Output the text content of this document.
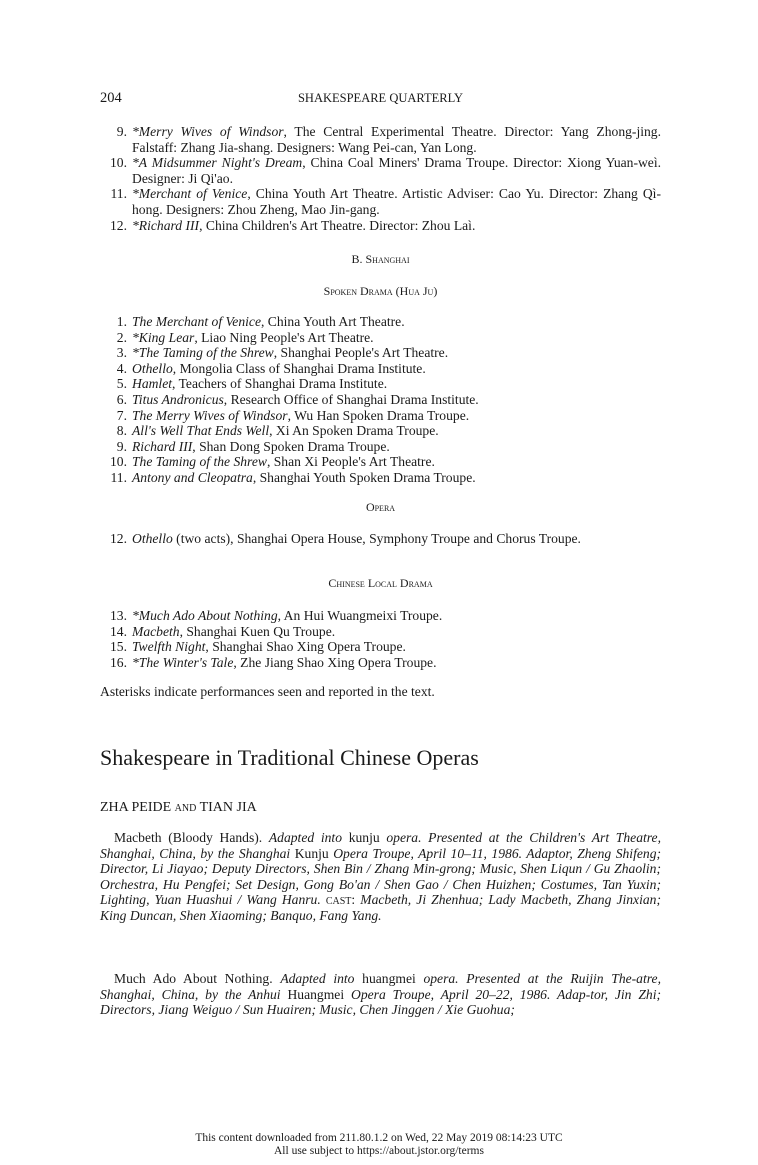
204	SHAKESPEARE QUARTERLY
9. *Merry Wives of Windsor, The Central Experimental Theatre. Director: Yang Zhong-jing. Falstaff: Zhang Jia-shang. Designers: Wang Pei-can, Yan Long.
10. *A Midsummer Night's Dream, China Coal Miners' Drama Troupe. Director: Xiong Yuan-weì. Designer: Ji Qi'ao.
11. *Merchant of Venice, China Youth Art Theatre. Artistic Adviser: Cao Yu. Director: Zhang Qì-hong. Designers: Zhou Zheng, Mao Jin-gang.
12. *Richard III, China Children's Art Theatre. Director: Zhou Laì.
B. Shanghai
Spoken Drama (Hua Ju)
1. The Merchant of Venice, China Youth Art Theatre.
2. *King Lear, Liao Ning People's Art Theatre.
3. *The Taming of the Shrew, Shanghai People's Art Theatre.
4. Othello, Mongolia Class of Shanghai Drama Institute.
5. Hamlet, Teachers of Shanghai Drama Institute.
6. Titus Andronicus, Research Office of Shanghai Drama Institute.
7. The Merry Wives of Windsor, Wu Han Spoken Drama Troupe.
8. All's Well That Ends Well, Xi An Spoken Drama Troupe.
9. Richard III, Shan Dong Spoken Drama Troupe.
10. The Taming of the Shrew, Shan Xi People's Art Theatre.
11. Antony and Cleopatra, Shanghai Youth Spoken Drama Troupe.
Opera
12. Othello (two acts), Shanghai Opera House, Symphony Troupe and Chorus Troupe.
Chinese Local Drama
13. *Much Ado About Nothing, An Hui Wuangmeixi Troupe.
14. Macbeth, Shanghai Kuen Qu Troupe.
15. Twelfth Night, Shanghai Shao Xing Opera Troupe.
16. *The Winter's Tale, Zhe Jiang Shao Xing Opera Troupe.
Asterisks indicate performances seen and reported in the text.
Shakespeare in Traditional Chinese Operas
ZHA PEIDE and TIAN JIA
Macbeth (Bloody Hands). Adapted into kunju opera. Presented at the Children's Art Theatre, Shanghai, China, by the Shanghai Kunju Opera Troupe, April 10–11, 1986. Adaptor, Zheng Shifeng; Director, Li Jiayao; Deputy Directors, Shen Bin / Zhang Min-grong; Music, Shen Liqun / Gu Zhaolin; Orchestra, Hu Pengfei; Set Design, Gong Bo'an / Shen Gao / Chen Huizhen; Costumes, Tan Yuxin; Lighting, Yuan Huashui / Wang Hanru. cast: Macbeth, Ji Zhenhua; Lady Macbeth, Zhang Jinxian; King Duncan, Shen Xiaoming; Banquo, Fang Yang.
Much Ado About Nothing. Adapted into huangmei opera. Presented at the Ruijin The-atre, Shanghai, China, by the Anhui Huangmei Opera Troupe, April 20–22, 1986. Adap-tor, Jin Zhi; Directors, Jiang Weiguo / Sun Huairen; Music, Chen Jinggen / Xie Guohua;
This content downloaded from 211.80.1.2 on Wed, 22 May 2019 08:14:23 UTC
All use subject to https://about.jstor.org/terms
